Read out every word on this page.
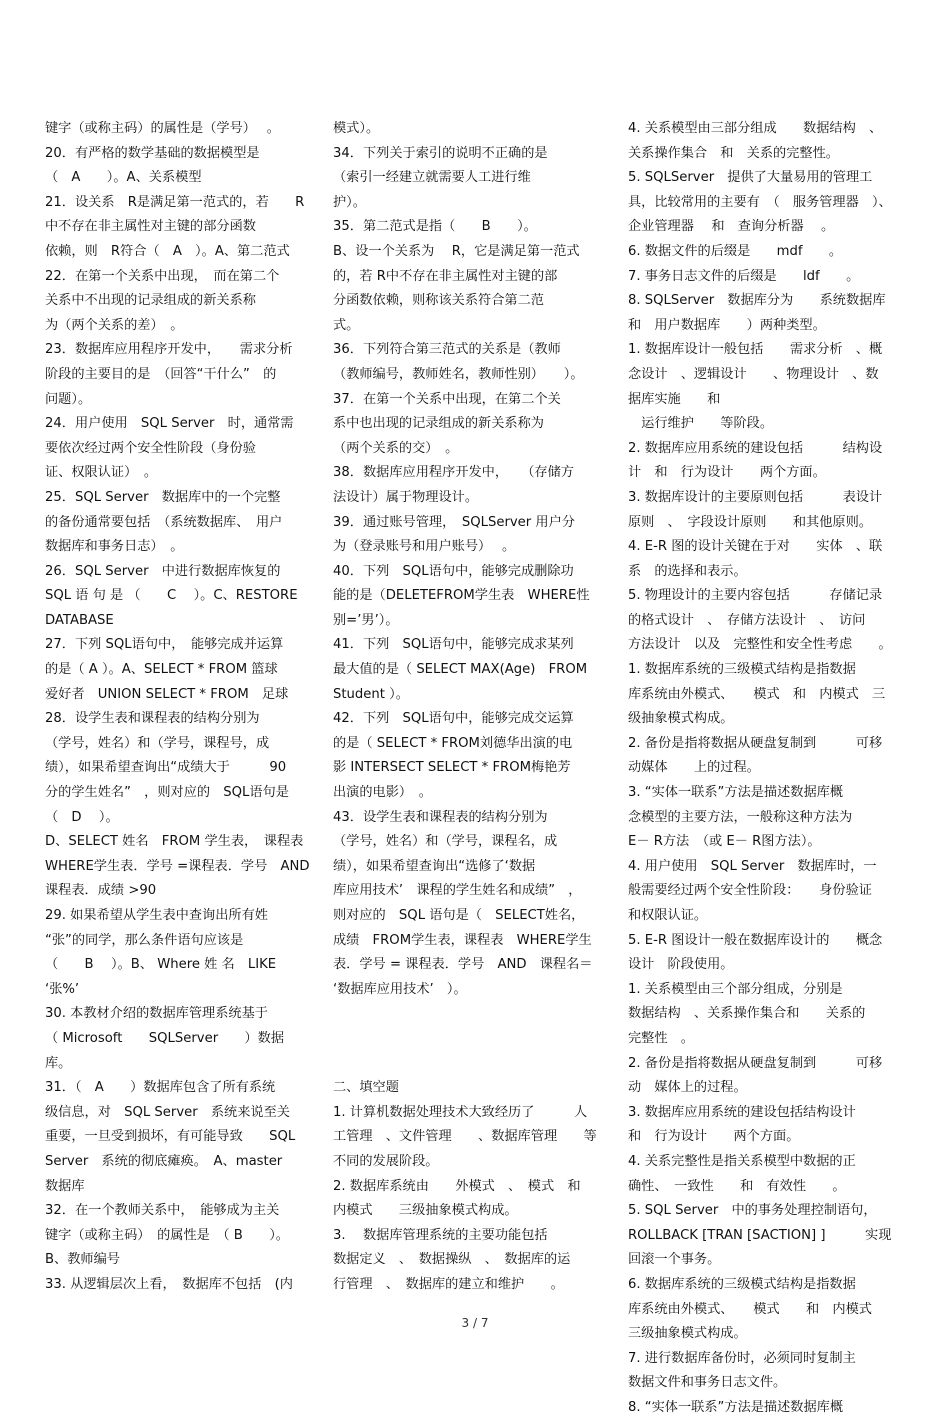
键字（或称主码）的属性是（学号）　 。

20．有严格的数学基础的数据模型是

（　A　　）。A、关系模型

21．设关系　R是满足第一范式的，若　　R

中不存在非主属性对主键的部分函数

依赖，则　R符合（　A　）。A、第二范式

22．在第一个关系中出现，　而在第二个

关系中不出现的记录组成的新关系称

为（两个关系的差）　。

23．数据库应用程序开发中，　　需求分析

阶段的主要目的是　（回答“干什么”　的

问题）。

24．用户使用　SQL Server　时，通常需

要依次经过两个安全性阶段（身份验

证、权限认证）　。

25．SQL Server　数据库中的一个完整

的备份通常要包括　（系统数据库、　用户

数据库和事务日志）　。

26．SQL Server　中进行数据库恢复的

SQL 语 句 是 （　　C　 ）。C、RESTORE

DATABASE

27．下列 SQL语句中，　能够完成并运算

的是（ A ）。A、SELECT * FROM 篮球

爱好者　UNION SELECT * FROM　足球

28．设学生表和课程表的结构分别为

（学号，姓名）和（学号，课程号，成

绩），如果希望查询出“成绩大于　　　90

分的学生姓名”　，则对应的　SQL语句是

（　D　 ）。

D、SELECT 姓名　FROM 学生表，　课程表

WHERE学生表．学号 =课程表．学号　AND

课程表．成绩 >90

29. 如果希望从学生表中查询出所有姓

“张”的同学，那么条件语句应该是

（　　B　 ）。B、 Where 姓 名　LIKE

‘张%’

30. 本教材介绍的数据库管理系统基于

（ Microsoft　　SQLServer　　）数据库。

31．（　A　　）数据库包含了所有系统

级信息，对　SQL Server　系统来说至关

重要，一旦受到损坏，有可能导致　　SQL

Server　系统的彻底瘫痪。　A、master

数据库

32．在一个教师关系中，　能够成为主关

键字（或称主码）　的属性是　（ B　　）。

B、教师编号

33. 从逻辑层次上看，　数据库不包括　(内

模式）。

34．下列关于索引的说明不正确的是

（索引一经建立就需要人工进行维

护）。

35．第二范式是指（　　B　　）。

B、设一个关系为　 R，它是满足第一范式

的，若 R中不存在非主属性对主键的部

分函数依赖，则称该关系符合第二范

式。

36．下列符合第三范式的关系是（教师

（教师编号，教师姓名，教师性别）　　）。

37．在第一个关系中出现，在第二个关

系中也出现的记录组成的新关系称为

（两个关系的交）　。

38．数据库应用程序开发中，　　（存储方

法设计）属于物理设计。

39．通过账号管理，　SQLServer 用户分

为（登录账号和用户账号）　 。

40．下列　SQL语句中，能够完成删除功

能的是（DELETEFROM学生表　WHERE性

别=’男’）。

41．下列　SQL语句中，能够完成求某列

最大值的是（ SELECT MAX(Age)　FROM

Student ）。

42．下列　SQL语句中，能够完成交运算

的是（ SELECT * FROM刘德华出演的电

影 INTERSECT SELECT * FROM梅艳芳

出演的电影）　。

43．设学生表和课程表的结构分别为

（学号，姓名）和（学号，课程名，成

绩），如果希望查询出“选修了‘数据

库应用技术’　课程的学生姓名和成绩”　，

则对应的　SQL 语句是（　SELECT姓名，

成绩　FROM学生表，课程表　WHERE学生

表．学号 = 课程表．学号　AND　课程名＝

‘数据库应用技术’　）。

二、填空题

1. 计算机数据处理技术大致经历了　　　人

工管理　、文件管理　　、数据库管理　　等

不同的发展阶段。

2. 数据库系统由　　外模式　、　模式　和

内模式　　三级抽象模式构成。

3.　 数据库管理系统的主要功能包括　　

数据定义　、　数据操纵　、　数据库的运

行管理　、　数据库的建立和维护　　。

4. 关系模型由三部分组成　　数据结构　、

关系操作集合　和　关系的完整性。

5. SQLServer　提供了大量易用的管理工

具，比较常用的主要有　（　服务管理器　）、

企业管理器　 和　查询分析器　 。

6. 数据文件的后缀是　　mdf　　。

7. 事务日志文件的后缀是　　ldf　　。

8. SQLServer　数据库分为　　系统数据库

和　用户数据库　　）两种类型。

1. 数据库设计一般包括　　需求分析　、概

念设计　、逻辑设计　　、物理设计　、数

据库实施　　和

　运行维护　　等阶段。

2. 数据库应用系统的建设包括　　　结构设

计　和　行为设计　　两个方面。

3. 数据库设计的主要原则包括　　　表设计

原则　、　字段设计原则　　和其他原则。

4. E-R 图的设计关键在于对　　实体　、联

系　的选择和表示。

5. 物理设计的主要内容包括　　　存储记录

的格式设计　、　存储方法设计　、　访问

方法设计　以及　完整性和安全性考虑　　。

1. 数据库系统的三级模式结构是指数据

库系统由外模式、　　模式　和　内模式　三

级抽象模式构成。

2. 备份是指将数据从硬盘复制到　　　可移

动媒体　　上的过程。

3. “实体一联系”方法是描述数据库概

念模型的主要方法，一般称这种方法为　　

E－ R方法　（或 E－ R图方法）。

4. 用户使用　SQL Server　数据库时，一

般需要经过两个安全性阶段：　　身份验证

和权限认证。

5. E-R 图设计一般在数据库设计的　　概念

设计　阶段使用。

1. 关系模型由三个部分组成，分别是

数据结构　、关系操作集合和　　关系的

完整性　。

2. 备份是指将数据从硬盘复制到　　　可移

动　媒体上的过程。

3. 数据库应用系统的建设包括结构设计

和　行为设计　　两个方面。

4. 关系完整性是指关系模型中数据的正

确性、　一致性　　和　有效性　　。

5. SQL Server　中的事务处理控制语句，

ROLLBACK [TRAN [SACTION] ]　　　实现

回滚一个事务。

6. 数据库系统的三级模式结构是指数据

库系统由外模式、　　模式　　和　内模式

三级抽象模式构成。

7. 进行数据库备份时，必须同时复制主

数据文件和事务日志文件。

8. “实体一联系”方法是描述数据库概

3 / 7
